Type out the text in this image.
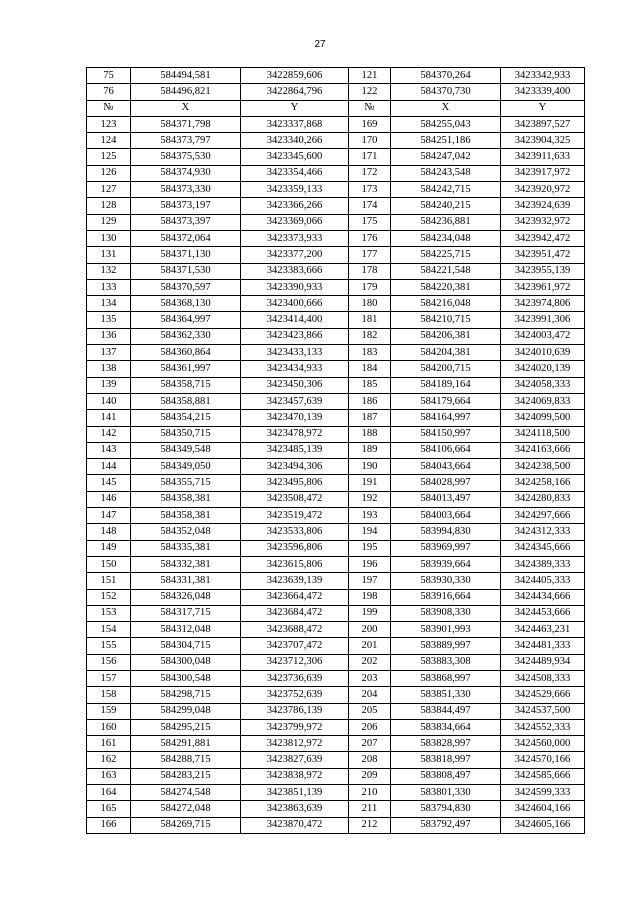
27
75	584494,581	3422859,606	121	584370,264	3423342,933
76	584496,821	3422864,796	122	584370,730	3423339,400
№	X	Y	№	X	Y
123	584371,798	3423337,868	169	584255,043	3423897,527
124	584373,797	3423340,266	170	584251,186	3423904,325
125	584375,530	3423345,600	171	584247,042	3423911,633
126	584374,930	3423354,466	172	584243,548	3423917,972
127	584373,330	3423359,133	173	584242,715	3423920,972
128	584373,197	3423366,266	174	584240,215	3423924,639
129	584373,397	3423369,066	175	584236,881	3423932,972
130	584372,064	3423373,933	176	584234,048	3423942,472
131	584371,130	3423377,200	177	584225,715	3423951,472
132	584371,530	3423383,666	178	584221,548	3423955,139
133	584370,597	3423390,933	179	584220,381	3423961,972
134	584368,130	3423400,666	180	584216,048	3423974,806
135	584364,997	3423414,400	181	584210,715	3423991,306
136	584362,330	3423423,866	182	584206,381	3424003,472
137	584360,864	3423433,133	183	584204,381	3424010,639
138	584361,997	3423434,933	184	584200,715	3424020,139
139	584358,715	3423450,306	185	584189,164	3424058,333
140	584358,881	3423457,639	186	584179,664	3424069,833
141	584354,215	3423470,139	187	584164,997	3424099,500
142	584350,715	3423478,972	188	584150,997	3424118,500
143	584349,548	3423485,139	189	584106,664	3424163,666
144	584349,050	3423494,306	190	584043,664	3424238,500
145	584355,715	3423495,806	191	584028,997	3424258,166
146	584358,381	3423508,472	192	584013,497	3424280,833
147	584358,381	3423519,472	193	584003,664	3424297,666
148	584352,048	3423533,806	194	583994,830	3424312,333
149	584335,381	3423596,806	195	583969,997	3424345,666
150	584332,381	3423615,806	196	583939,664	3424389,333
151	584331,381	3423639,139	197	583930,330	3424405,333
152	584326,048	3423664,472	198	583916,664	3424434,666
153	584317,715	3423684,472	199	583908,330	3424453,666
154	584312,048	3423688,472	200	583901,993	3424463,231
155	584304,715	3423707,472	201	583889,997	3424481,333
156	584300,048	3423712,306	202	583883,308	3424489,934
157	584300,548	3423736,639	203	583868,997	3424508,333
158	584298,715	3423752,639	204	583851,330	3424529,666
159	584299,048	3423786,139	205	583844,497	3424537,500
160	584295,215	3423799,972	206	583834,664	3424552,333
161	584291,881	3423812,972	207	583828,997	3424560,000
162	584288,715	3423827,639	208	583818,997	3424570,166
163	584283,215	3423838,972	209	583808,497	3424585,666
164	584274,548	3423851,139	210	583801,330	3424599,333
165	584272,048	3423863,639	211	583794,830	3424604,166
166	584269,715	3423870,472	212	583792,497	3424605,166
